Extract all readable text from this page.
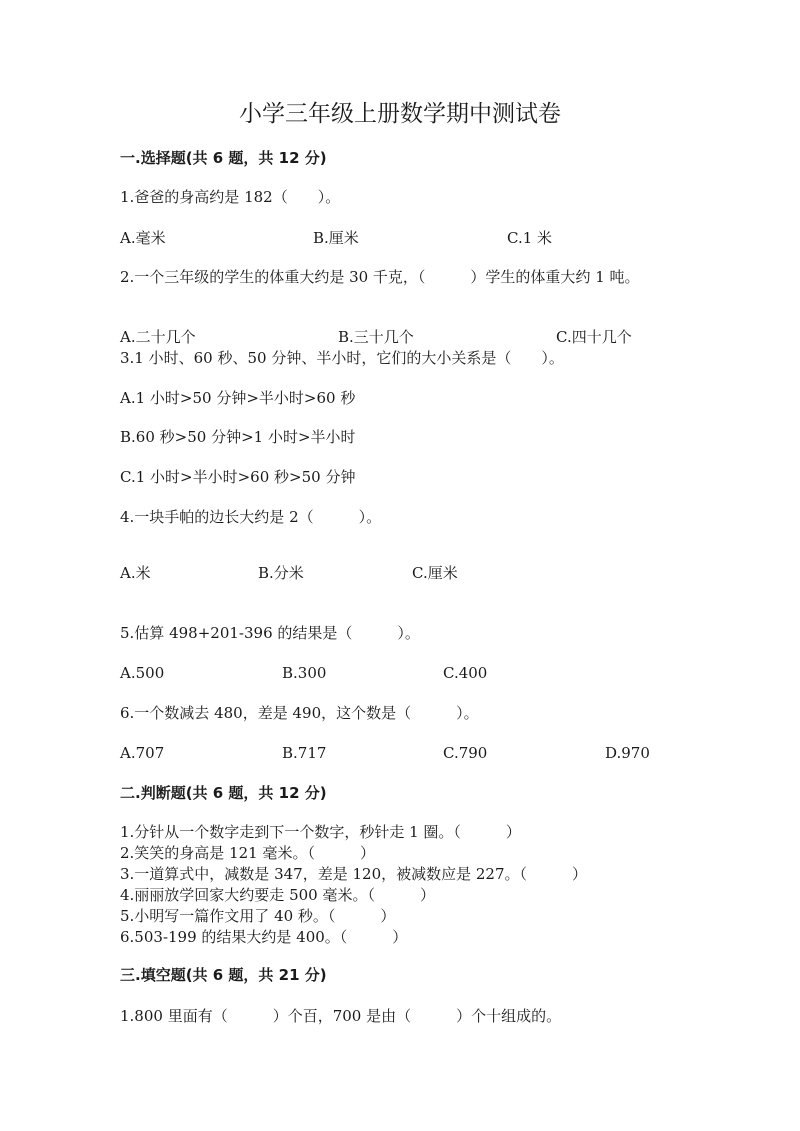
小学三年级上册数学期中测试卷
一.选择题(共 6 题，共 12 分)
1.爸爸的身高约是 182（　　）。
A.毫米	B.厘米	C.1 米
2.一个三年级的学生的体重大约是 30 千克，（　　　）学生的体重大约 1 吨。
A.二十几个	B.三十几个	C.四十几个
3.1 小时、60 秒、50 分钟、半小时，它们的大小关系是（　　）。
A.1 小时>50 分钟>半小时>60 秒
B.60 秒>50 分钟>1 小时>半小时
C.1 小时>半小时>60 秒>50 分钟
4.一块手帕的边长大约是 2（　　　）。
A.米	B.分米	C.厘米
5.估算 498+201-396 的结果是（　　　）。
A.500	B.300	C.400
6.一个数减去 480，差是 490，这个数是（　　　）。
A.707	B.717	C.790	D.970
二.判断题(共 6 题，共 12 分)
1.分针从一个数字走到下一个数字，秒针走 1 圈。（　　　）
2.笑笑的身高是 121 毫米。（　　　）
3.一道算式中，减数是 347，差是 120，被减数应是 227。（　　　）
4.丽丽放学回家大约要走 500 毫米。（　　　）
5.小明写一篇作文用了 40 秒。（　　　）
6.503-199 的结果大约是 400。（　　　）
三.填空题(共 6 题，共 21 分)
1.800 里面有（　　　）个百，700 是由（　　　）个十组成的。
